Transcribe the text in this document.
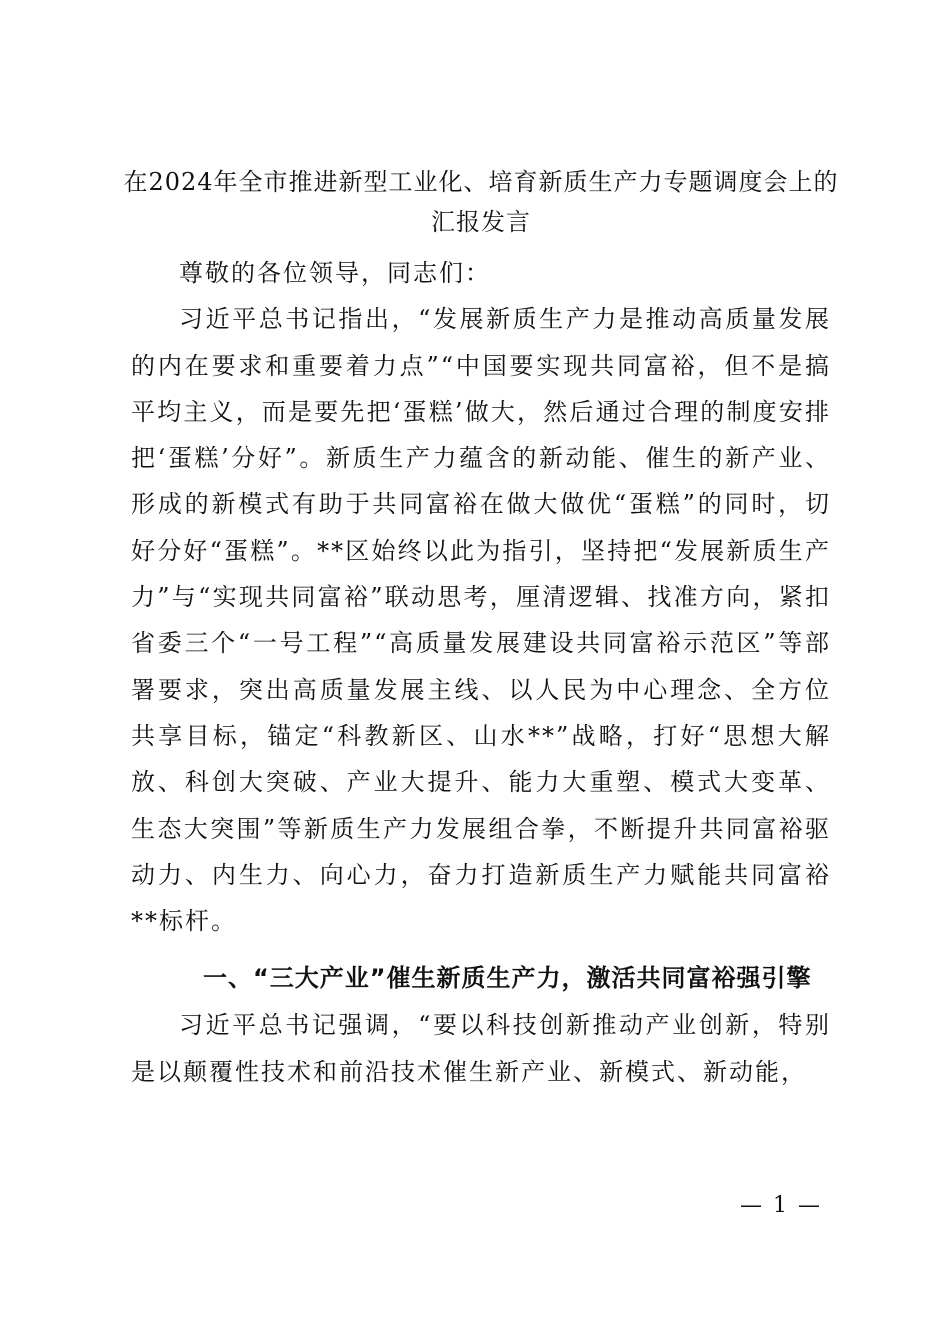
在2024年全市推进新型工业化、培育新质生产力专题调度会上的汇报发言

尊敬的各位领导，同志们：

习近平总书记指出，“发展新质生产力是推动高质量发展的内在要求和重要着力点”“中国要实现共同富裕，但不是搞平均主义，而是要先把‘蛋糕’做大，然后通过合理的制度安排把‘蛋糕’分好”。新质生产力蕴含的新动能、催生的新产业、形成的新模式有助于共同富裕在做大做优“蛋糕”的同时，切好分好“蛋糕”。**区始终以此为指引，坚持把“发展新质生产力”与“实现共同富裕”联动思考，厘清逻辑、找准方向，紧扣省委三个“一号工程”“高质量发展建设共同富裕示范区”等部署要求，突出高质量发展主线、以人民为中心理念、全方位共享目标，锚定“科教新区、山水**”战略，打好“思想大解放、科创大突破、产业大提升、能力大重塑、模式大变革、生态大突围”等新质生产力发展组合拳，不断提升共同富裕驱动力、内生力、向心力，奋力打造新质生产力赋能共同富裕**标杆。

一、“三大产业”催生新质生产力，激活共同富裕强引擎

习近平总书记强调，“要以科技创新推动产业创新，特别是以颠覆性技术和前沿技术催生新产业、新模式、新动能，

— 1 —
